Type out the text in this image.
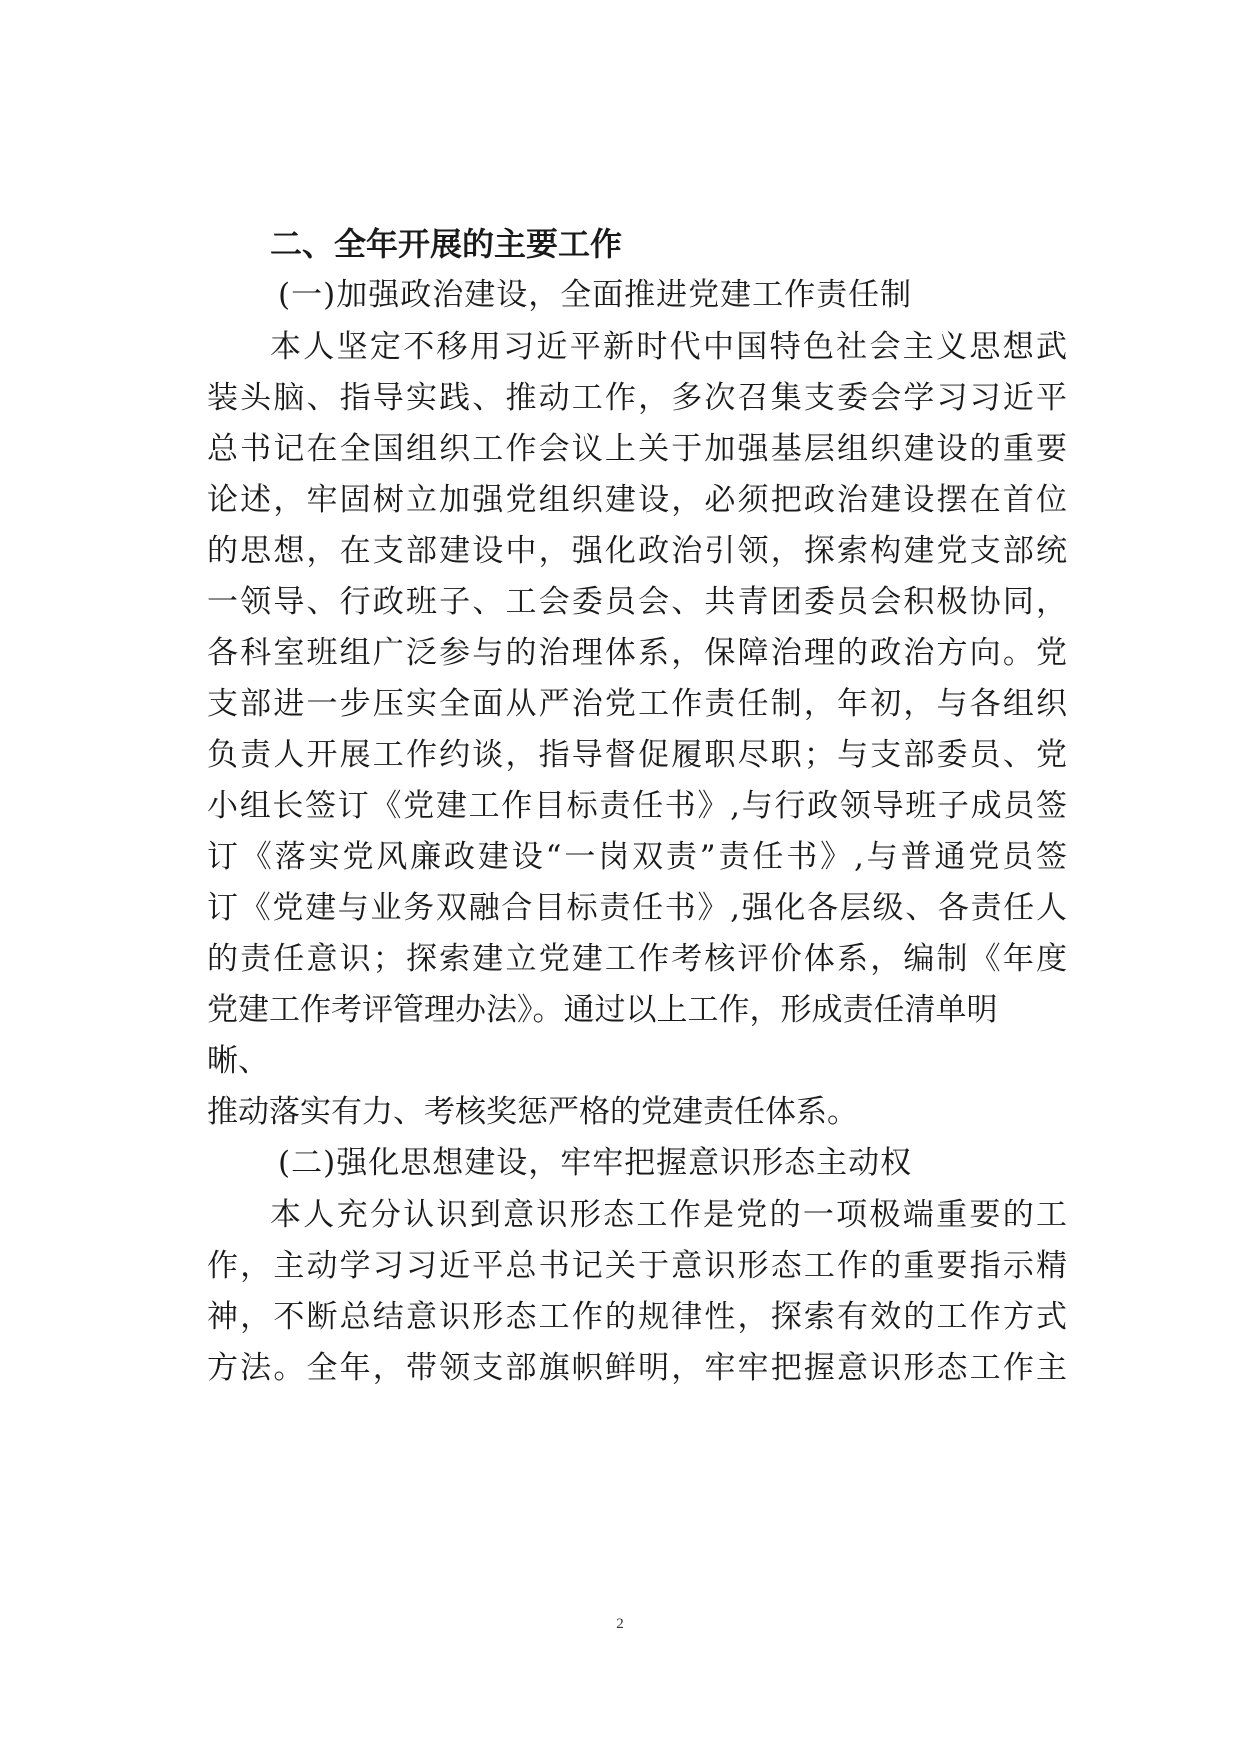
二、全年开展的主要工作
(一)加强政治建设，全面推进党建工作责任制
本人坚定不移用习近平新时代中国特色社会主义思想武
装头脑、指导实践、推动工作，多次召集支委会学习习近平
总书记在全国组织工作会议上关于加强基层组织建设的重要
论述，牢固树立加强党组织建设，必须把政治建设摆在首位
的思想，在支部建设中，强化政治引领，探索构建党支部统
一领导、行政班子、工会委员会、共青团委员会积极协同，
各科室班组广泛参与的治理体系，保障治理的政治方向。党
支部进一步压实全面从严治党工作责任制，年初，与各组织
负责人开展工作约谈，指导督促履职尽职；与支部委员、党
小组长签订《党建工作目标责任书》,与行政领导班子成员签
订《落实党风廉政建设“一岗双责”责任书》,与普通党员签
订《党建与业务双融合目标责任书》,强化各层级、各责任人
的责任意识；探索建立党建工作考核评价体系，编制《年度
党建工作考评管理办法》。通过以上工作，形成责任清单明
晰、
推动落实有力、考核奖惩严格的党建责任体系。
(二)强化思想建设，牢牢把握意识形态主动权
本人充分认识到意识形态工作是党的一项极端重要的工
作，主动学习习近平总书记关于意识形态工作的重要指示精
神，不断总结意识形态工作的规律性，探索有效的工作方式
方法。全年，带领支部旗帜鲜明，牢牢把握意识形态工作主
2
